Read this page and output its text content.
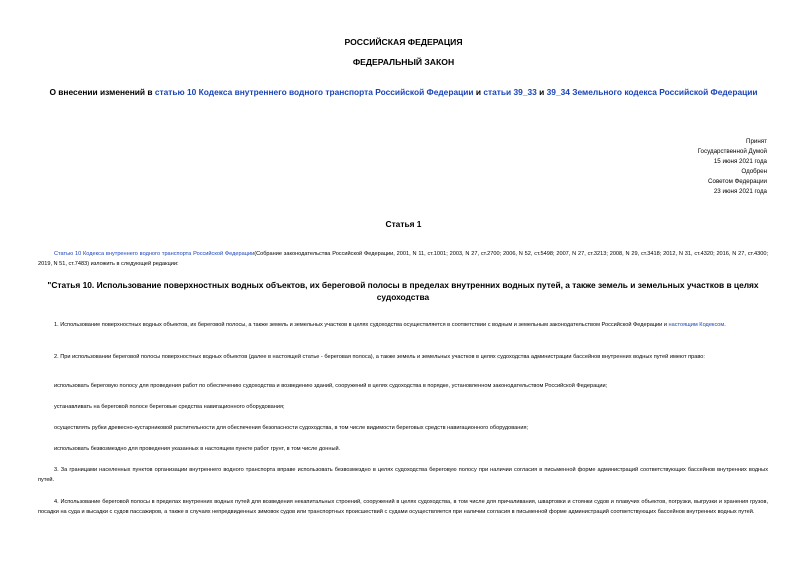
РОССИЙСКАЯ ФЕДЕРАЦИЯ
ФЕДЕРАЛЬНЫЙ ЗАКОН
О внесении изменений в статью 10 Кодекса внутреннего водного транспорта Российской Федерации и статьи 39_33 и 39_34 Земельного кодекса Российской Федерации
Принят
Государственной Думой
15 июня 2021 года
Одобрен
Советом Федерации
23 июня 2021 года
Статья 1
Статью 10 Кодекса внутреннего водного транспорта Российской Федерации(Собрание законодательства Российской Федерации, 2001, N 11, ст.1001; 2003, N 27, ст.2700; 2006, N 52, ст.5498; 2007, N 27, ст.3213; 2008, N 29, ст.3418; 2012, N 31, ст.4320; 2016, N 27, ст.4300; 2019, N 51, ст.7483) изложить в следующей редакции:
"Статья 10. Использование поверхностных водных объектов, их береговой полосы в пределах внутренних водных путей, а также земель и земельных участков в целях судоходства
1. Использование поверхностных водных объектов, их береговой полосы, а также земель и земельных участков в целях судоходства осуществляется в соответствии с водным и земельным законодательством Российской Федерации и настоящим Кодексом.
2. При использовании береговой полосы поверхностных водных объектов (далее в настоящей статье - береговая полоса), а также земель и земельных участков в целях судоходства администрации бассейнов внутренних водных путей имеют право:
использовать береговую полосу для проведения работ по обеспечению судоходства и возведению зданий, сооружений в целях судоходства в порядке, установленном законодательством Российской Федерации;
устанавливать на береговой полосе береговые средства навигационного оборудования;
осуществлять рубки древесно-кустарниковой растительности для обеспечения безопасности судоходства, в том числе видимости береговых средств навигационного оборудования;
использовать безвозмездно для проведения указанных в настоящем пункте работ грунт, в том числе донный.
3. За границами населенных пунктов организации внутреннего водного транспорта вправе использовать безвозмездно в целях судоходства береговую полосу при наличии согласия в письменной форме администраций соответствующих бассейнов внутренних водных путей.
4. Использование береговой полосы в пределах внутренних водных путей для возведения некапитальных строений, сооружений в целях судоходства, в том числе для причаливания, швартовки и стоянки судов и плавучих объектов, погрузки, выгрузки и хранения грузов, посадки на суда и высадки с судов пассажиров, а также в случаях непредвиденных зимовок судов или транспортных происшествий с судами осуществляется при наличии согласия в письменной форме администраций соответствующих бассейнов внутренних водных путей.
